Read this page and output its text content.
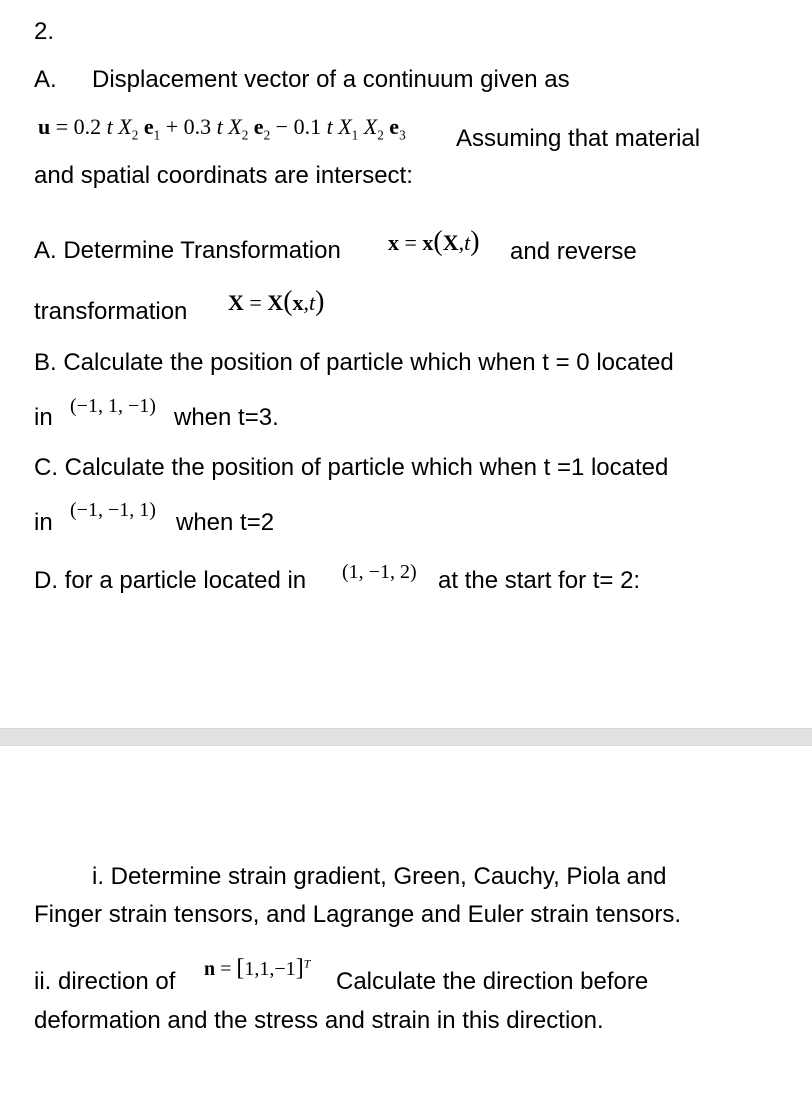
2.
A. Displacement vector of a continuum given as
u = 0.2 t $X_2$ $e_1 + 0.3$ t $X_2$ $e_2 - 0.1$ t $X_1$ $X_2$ $e_3$ Assuming that material
and spatial coordinats are intersect:
A. Determine Transformation x = x(X,t) and reverse
transformation X = X(x,t)
B. Calculate the position of particle which when t = 0 located
in (−1, 1, −1) when t=3.
C. Calculate the position of particle which when t =1 located
in (−1, −1, 1) when t=2
D. for a particle located in (1, −1, 2) at the start for t= 2:
i. Determine strain gradient, Green, Cauchy, Piola and
Finger strain tensors, and Lagrange and Euler strain tensors.
ii. direction of $n = [1,1,-1]^T$
Calculate the direction before
deformation and the stress and strain in this direction.
